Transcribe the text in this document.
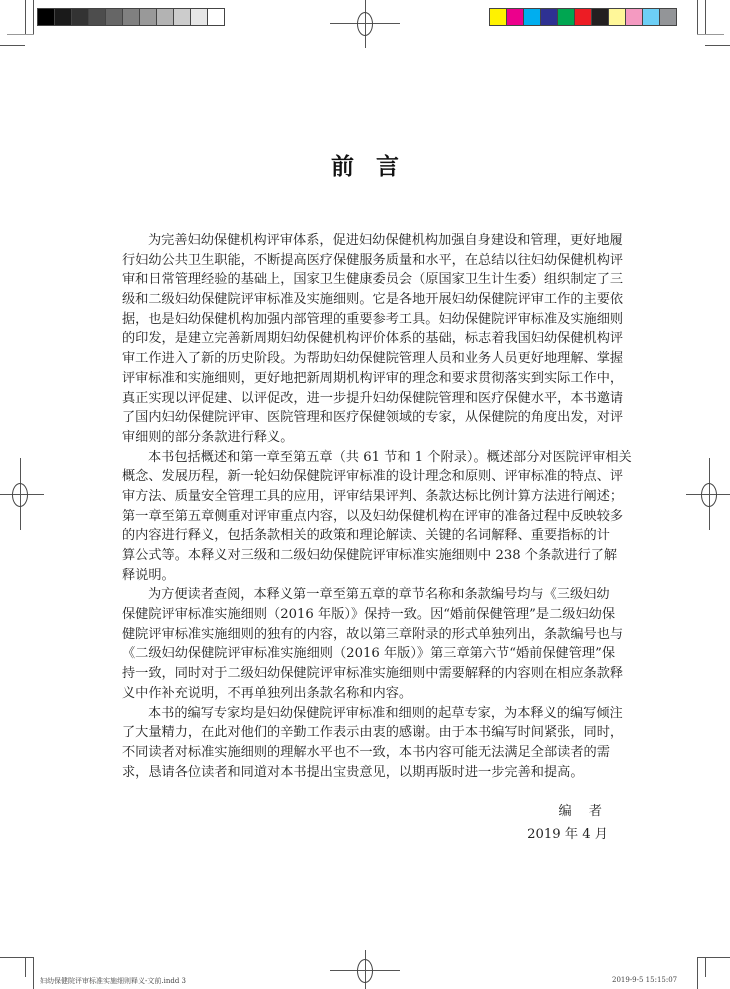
前言
为完善妇幼保健机构评审体系，促进妇幼保健机构加强自身建设和管理，更好地履
行妇幼公共卫生职能，不断提高医疗保健服务质量和水平，在总结以往妇幼保健机构评
审和日常管理经验的基础上，国家卫生健康委员会（原国家卫生计生委）组织制定了三
级和二级妇幼保健院评审标准及实施细则。它是各地开展妇幼保健院评审工作的主要依
据，也是妇幼保健机构加强内部管理的重要参考工具。妇幼保健院评审标准及实施细则
的印发，是建立完善新周期妇幼保健机构评价体系的基础，标志着我国妇幼保健机构评
审工作进入了新的历史阶段。为帮助妇幼保健院管理人员和业务人员更好地理解、掌握
评审标准和实施细则，更好地把新周期机构评审的理念和要求贯彻落实到实际工作中，
真正实现以评促建、以评促改，进一步提升妇幼保健院管理和医疗保健水平，本书邀请
了国内妇幼保健院评审、医院管理和医疗保健领域的专家，从保健院的角度出发，对评
审细则的部分条款进行释义。
本书包括概述和第一章至第五章（共 61 节和 1 个附录）。概述部分对医院评审相关
概念、发展历程，新一轮妇幼保健院评审标准的设计理念和原则、评审标准的特点、评
审方法、质量安全管理工具的应用，评审结果评判、条款达标比例计算方法进行阐述；
第一章至第五章侧重对评审重点内容，以及妇幼保健机构在评审的准备过程中反映较多
的内容进行释义，包括条款相关的政策和理论解读、关键的名词解释、重要指标的计
算公式等。本释义对三级和二级妇幼保健院评审标准实施细则中 238 个条款进行了解
释说明。
为方便读者查阅，本释义第一章至第五章的章节名称和条款编号均与《三级妇幼
保健院评审标准实施细则（2016 年版）》保持一致。因“婚前保健管理”是二级妇幼保
健院评审标准实施细则的独有的内容，故以第三章附录的形式单独列出，条款编号也与
《二级妇幼保健院评审标准实施细则（2016 年版）》第三章第六节“婚前保健管理”保
持一致，同时对于二级妇幼保健院评审标准实施细则中需要解释的内容则在相应条款释
义中作补充说明，不再单独列出条款名称和内容。
本书的编写专家均是妇幼保健院评审标准和细则的起草专家，为本释义的编写倾注
了大量精力，在此对他们的辛勤工作表示由衷的感谢。由于本书编写时间紧张，同时，
不同读者对标准实施细则的理解水平也不一致，本书内容可能无法满足全部读者的需
求，恳请各位读者和同道对本书提出宝贵意见，以期再版时进一步完善和提高。
编　者
2019 年 4 月
妇幼保健院评审标准实施细则释义-文前.indd 3	2019-9-5 15:15:07
